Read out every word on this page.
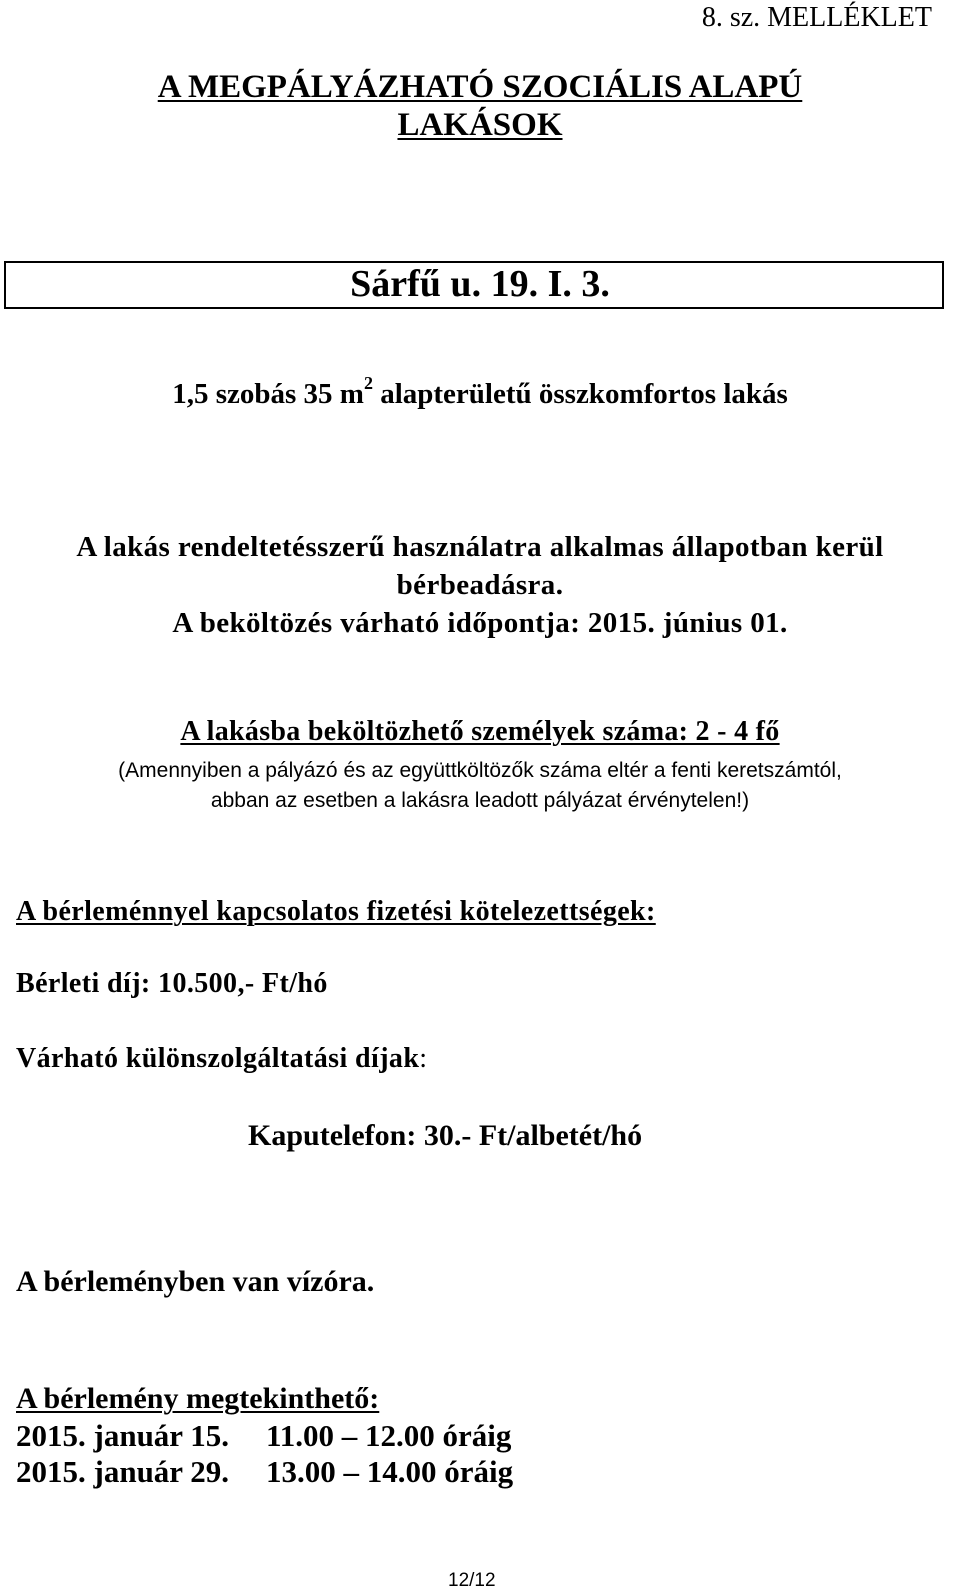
8. sz. MELLÉKLET
A MEGPÁLYÁZHATÓ SZOCIÁLIS ALAPÚ
LAKÁSOK
Sárfű u. 19. I. 3.
1,5 szobás 35 $m^2$ alapterületű összkomfortos lakás
A lakás rendeltetésszerű használatra alkalmas állapotban kerül
bérbeadásra.
A beköltözés várható időpontja: 2015. június 01.
A lakásba beköltözhető személyek száma: 2 - 4 fő
(Amennyiben a pályázó és az együttköltözők száma eltér a fenti keretszámtól,
abban az esetben a lakásra leadott pályázat érvénytelen!)
A bérleménnyel kapcsolatos fizetési kötelezettségek:
Bérleti díj: 10.500,- Ft/hó
Várható különszolgáltatási díjak:
Kaputelefon: 30.- Ft/albetét/hó
A bérleményben van vízóra.
A bérlemény megtekinthető:
2015. január 15. 11.00 – 12.00 óráig
2015. január 29. 13.00 – 14.00 óráig
12/12
